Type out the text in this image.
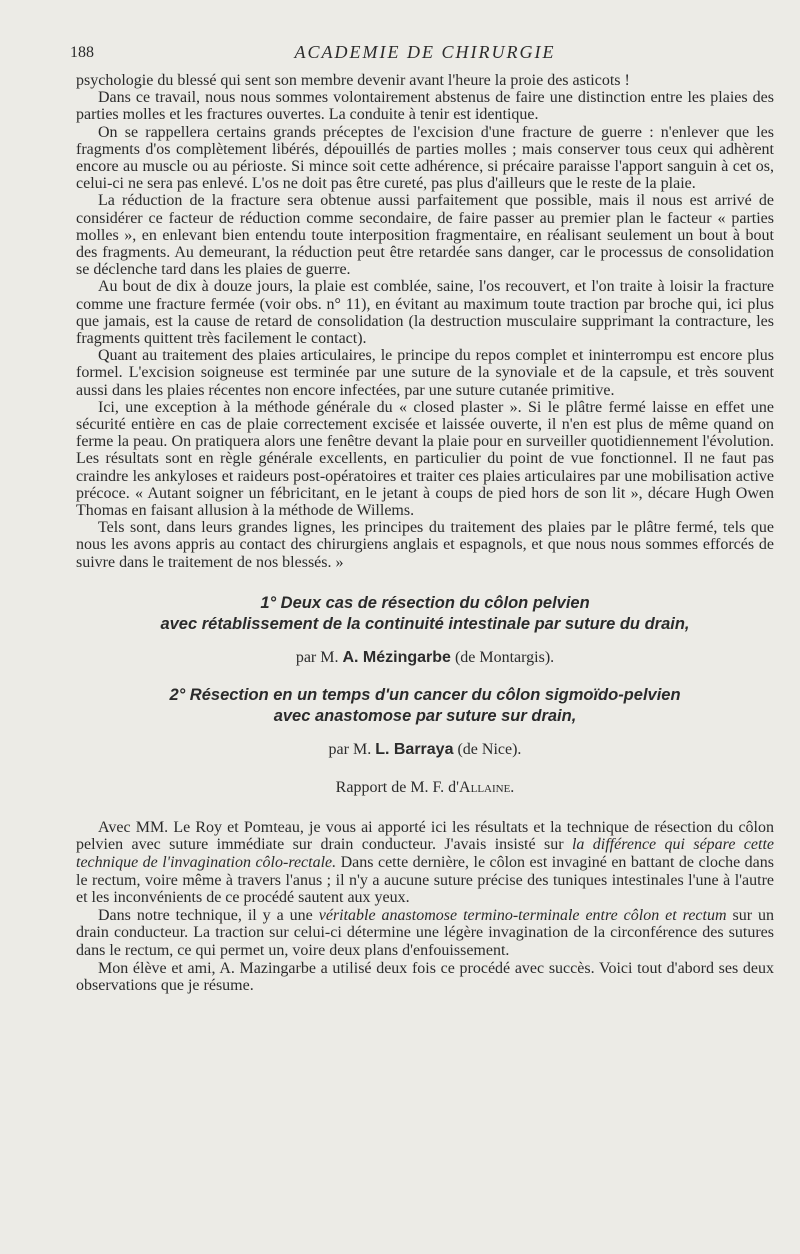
188	ACADEMIE DE CHIRURGIE

psychologie du blessé qui sent son membre devenir avant l'heure la proie des asticots !

Dans ce travail, nous nous sommes volontairement abstenus de faire une distinction entre les plaies des parties molles et les fractures ouvertes. La conduite à tenir est identique.

On se rappellera certains grands préceptes de l'excision d'une fracture de guerre : n'enlever que les fragments d'os complètement libérés, dépouillés de parties molles ; mais conserver tous ceux qui adhèrent encore au muscle ou au périoste. Si mince soit cette adhérence, si précaire paraisse l'apport sanguin à cet os, celui-ci ne sera pas enlevé. L'os ne doit pas être cureté, pas plus d'ailleurs que le reste de la plaie.

La réduction de la fracture sera obtenue aussi parfaitement que possible, mais il nous est arrivé de considérer ce facteur de réduction comme secondaire, de faire passer au premier plan le facteur « parties molles », en enlevant bien entendu toute interposition fragmentaire, en réalisant seulement un bout à bout des fragments. Au demeurant, la réduction peut être retardée sans danger, car le processus de consolidation se déclenche tard dans les plaies de guerre.

Au bout de dix à douze jours, la plaie est comblée, saine, l'os recouvert, et l'on traite à loisir la fracture comme une fracture fermée (voir obs. n° 11), en évitant au maximum toute traction par broche qui, ici plus que jamais, est la cause de retard de consolidation (la destruction musculaire supprimant la contracture, les fragments quittent très facilement le contact).

Quant au traitement des plaies articulaires, le principe du repos complet et ininterrompu est encore plus formel. L'excision soigneuse est terminée par une suture de la synoviale et de la capsule, et très souvent aussi dans les plaies récentes non encore infectées, par une suture cutanée primitive.

Ici, une exception à la méthode générale du « closed plaster ». Si le plâtre fermé laisse en effet une sécurité entière en cas de plaie correctement excisée et laissée ouverte, il n'en est plus de même quand on ferme la peau. On pratiquera alors une fenêtre devant la plaie pour en surveiller quotidiennement l'évolution. Les résultats sont en règle générale excellents, en particulier du point de vue fonctionnel. Il ne faut pas craindre les ankyloses et raideurs post-opératoires et traiter ces plaies articulaires par une mobilisation active précoce. « Autant soigner un fébricitant, en le jetant à coups de pied hors de son lit », décare Hugh Owen Thomas en faisant allusion à la méthode de Willems.

Tels sont, dans leurs grandes lignes, les principes du traitement des plaies par le plâtre fermé, tels que nous les avons appris au contact des chirurgiens anglais et espagnols, et que nous nous sommes efforcés de suivre dans le traitement de nos blessés. »

1° Deux cas de résection du côlon pelvien

avec rétablissement de la continuité intestinale par suture du drain,

par M. A. Mézingarbe (de Montargis).

2° Résection en un temps d'un cancer du côlon sigmoïdo-pelvien

avec anastomose par suture sur drain,

par M. L. Barraya (de Nice).
Rapport de M. F. d'Allaine.

Avec MM. Le Roy et Pomteau, je vous ai apporté ici les résultats et la technique de résection du côlon pelvien avec suture immédiate sur drain conducteur. J'avais insisté sur la différence qui sépare cette technique de l'invagination côlo-rectale. Dans cette dernière, le côlon est invaginé en battant de cloche dans le rectum, voire même à travers l'anus ; il n'y a aucune suture précise des tuniques intestinales l'une à l'autre et les inconvénients de ce procédé sautent aux yeux.

Dans notre technique, il y a une véritable anastomose termino-terminale entre côlon et rectum sur un drain conducteur. La traction sur celui-ci détermine une légère invagination de la circonférence des sutures dans le rectum, ce qui permet un, voire deux plans d'enfouissement.

Mon élève et ami, A. Mazingarbe a utilisé deux fois ce procédé avec succès. Voici tout d'abord ses deux observations que je résume.
